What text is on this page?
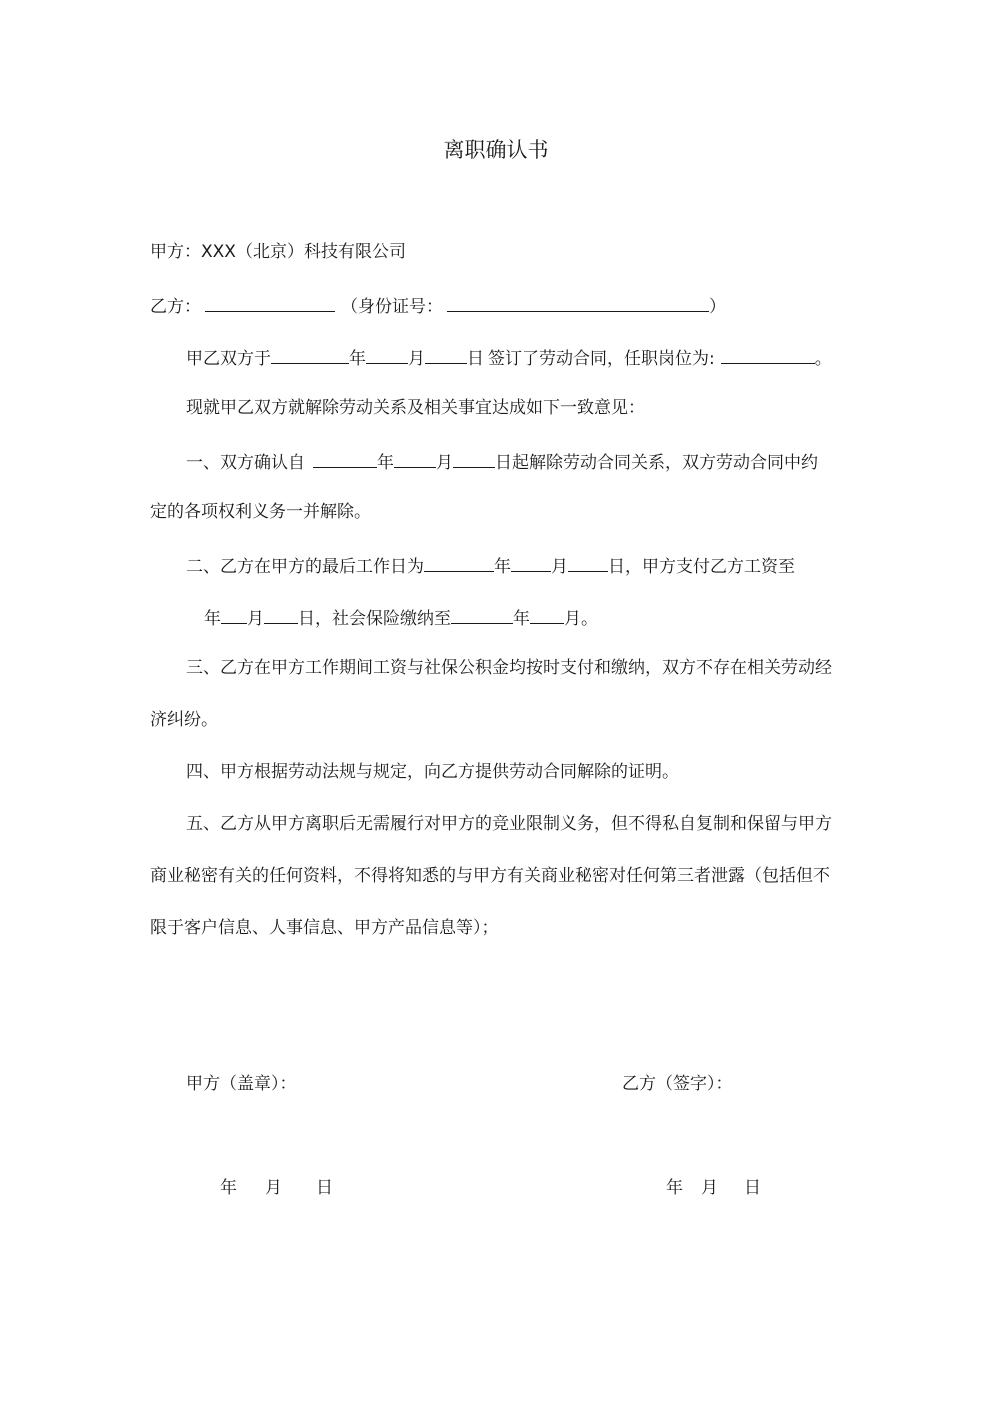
离职确认书
甲方：XXX（北京）科技有限公司
乙方：	（身份证号：	）
甲乙双方于	年 月 日 签订了劳动合同，任职岗位为:	。
现就甲乙双方就解除劳动关系及相关事宜达成如下一致意见：
一、双方确认自	年 月 日起解除劳动合同关系，双方劳动合同中约
定的各项权利义务一并解除。
二、乙方在甲方的最后工作日为	年 月 日，甲方支付乙方工资至
年 月 日，社会保险缴纳至	年 月。
三、乙方在甲方工作期间工资与社保公积金均按时支付和缴纳，双方不存在相关劳动经
济纠纷。
四、甲方根据劳动法规与规定，向乙方提供劳动合同解除的证明。
五、乙方从甲方离职后无需履行对甲方的竞业限制义务，但不得私自复制和保留与甲方
商业秘密有关的任何资料，不得将知悉的与甲方有关商业秘密对任何第三者泄露（包括但不
限于客户信息、人事信息、甲方产品信息等）；
甲方（盖章）：	乙方（签字）：
年 月 日	年 月 日
